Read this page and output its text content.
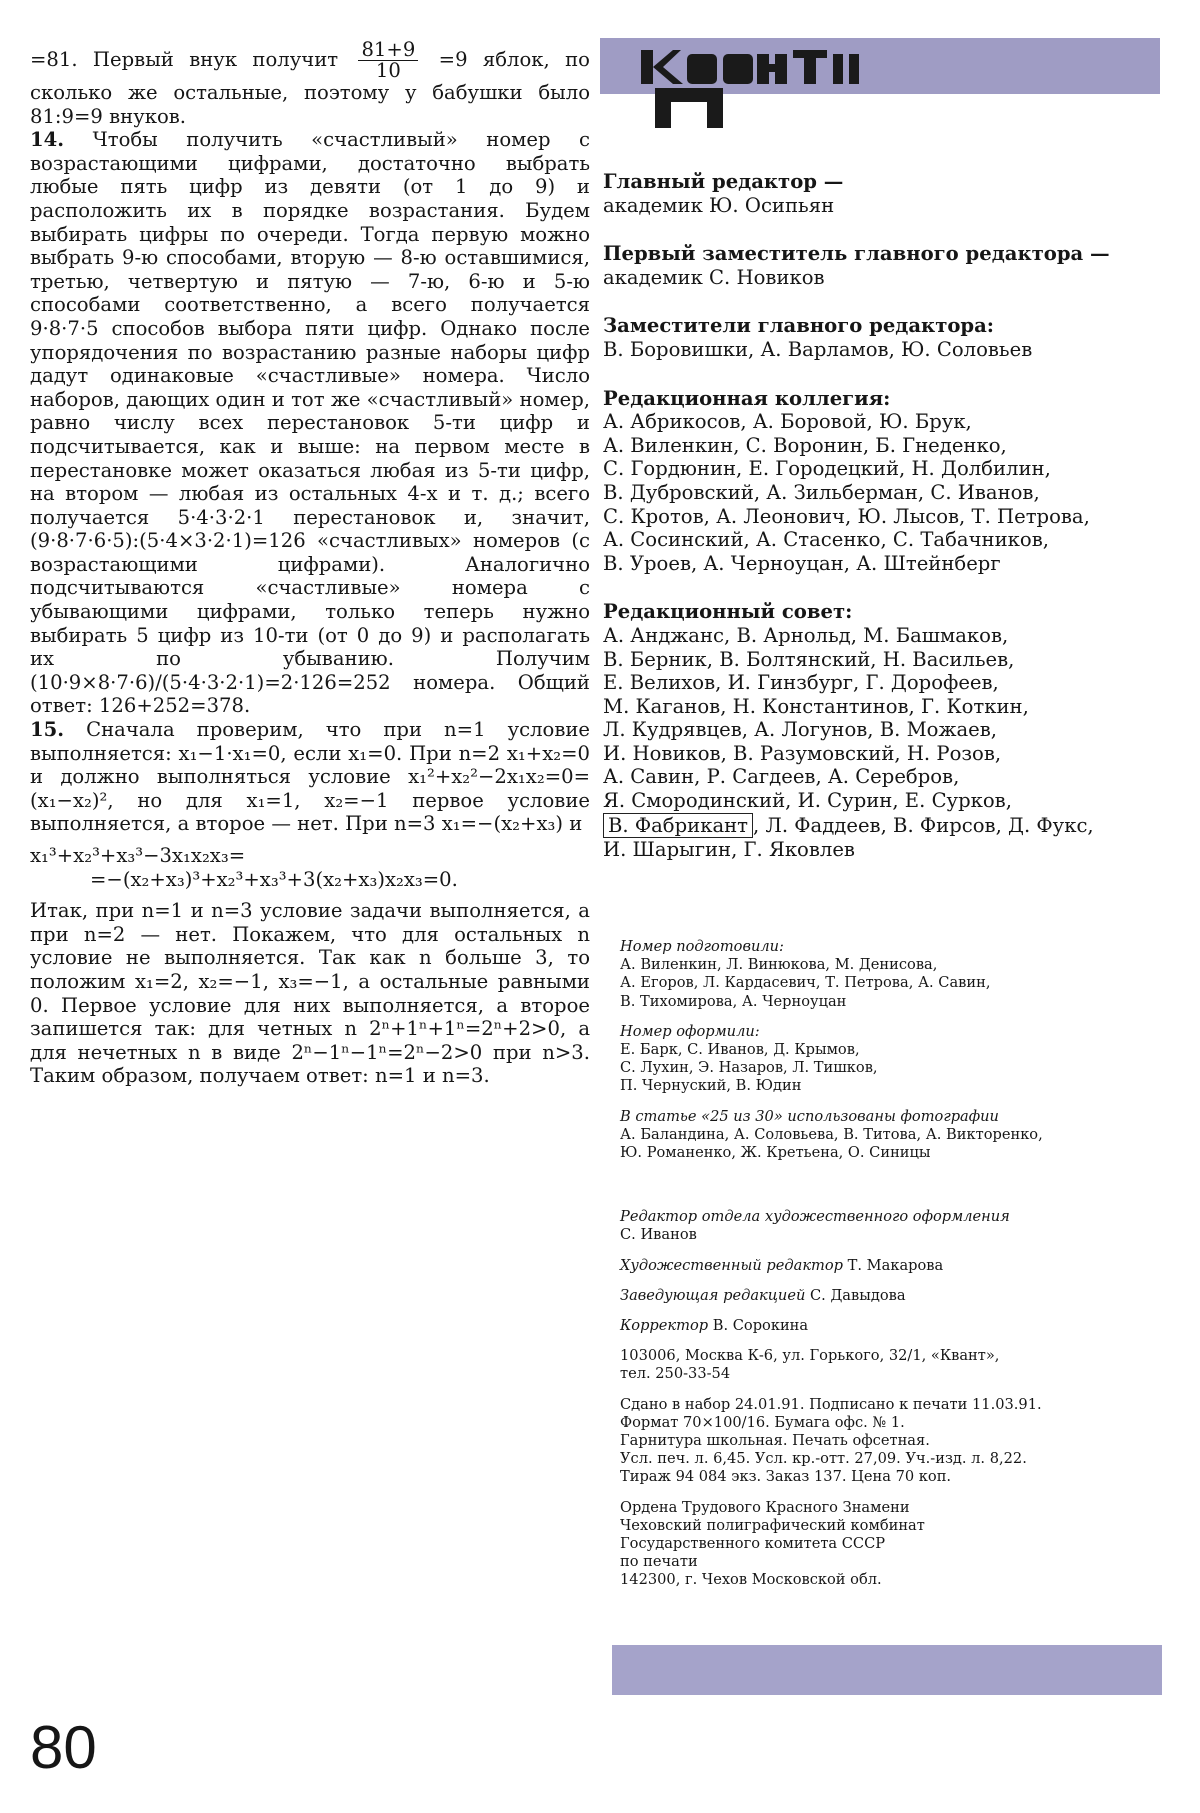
=81. Первый внук получит $\frac{81+9}{10} =9$ яблок, по сколько же остальные, поэтому у бабушки было 81:9=9 внуков.

14. Чтобы получить «счастливый» номер с возрастающими цифрами, достаточно выбрать любые пять цифр из девяти (от 1 до 9) и расположить их в порядке возрастания. Будем выбирать цифры по очереди. Тогда первую можно выбрать 9-ю способами, вторую — 8-ю оставшимися, третью, четвертую и пятую — 7-ю, 6-ю и 5-ю способами соответственно, а всего получается 9·8·7·5 способов выбора пяти цифр. Однако после упорядочения по возрастанию разные наборы цифр дадут одинаковые «счастливые» номера. Число наборов, дающих один и тот же «счастливый» номер, равно числу всех перестановок 5-ти цифр и подсчитывается, как и выше: на первом месте в перестановке может оказаться любая из 5-ти цифр, на втором — любая из остальных 4-х и т. д.; всего получается 5·4·3·2·1 перестановок и, значит, (9·8·7·6·5):(5·4×3·2·1)=126 «счастливых» номеров (с возрастающими цифрами). Аналогично подсчитываются «счастливые» номера с убывающими цифрами, только теперь нужно выбирать 5 цифр из 10-ти (от 0 до 9) и располагать их по убыванию. Получим (10·9×8·7·6)/(5·4·3·2·1)=2·126=252 номера. Общий ответ: 126+252=378.

15. Сначала проверим, что при n=1 условие выполняется: x₁−1·x₁=0, если x₁=0. При n=2 x₁+x₂=0 и должно выполняться условие x₁²+x₂²−2x₁x₂=0=(x₁−x₂)², но для x₁=1, x₂=−1 первое условие выполняется, а второе — нет. При n=3 x₁=−(x₂+x₃) и

x₁³+x₂³+x₃³−3x₁x₂x₃=
=−(x₂+x₃)³+x₂³+x₃³+3(x₂+x₃)x₂x₃=0.

Итак, при n=1 и n=3 условие задачи выполняется, а при n=2 — нет. Покажем, что для остальных n условие не выполняется. Так как n больше 3, то положим x₁=2, x₂=−1, x₃=−1, а остальные равными 0. Первое условие для них выполняется, а второе запишется так: для четных n 2ⁿ+1ⁿ+1ⁿ=2ⁿ+2>0, а для нечетных n в виде 2ⁿ−1ⁿ−1ⁿ=2ⁿ−2>0 при n>3. Таким образом, получаем ответ: n=1 и n=3.

Квант
Главный редактор —
академик Ю. Осипьян
Первый заместитель главного редактора —
академик С. Новиков
Заместители главного редактора:
В. Боровишки, А. Варламов, Ю. Соловьев
Редакционная коллегия:
А. Абрикосов, А. Боровой, Ю. Брук,
А. Виленкин, С. Воронин, Б. Гнеденко,
С. Гордюнин, Е. Городецкий, Н. Долбилин,
В. Дубровский, А. Зильберман, С. Иванов,
С. Кротов, А. Леонович, Ю. Лысов, Т. Петрова,
А. Сосинский, А. Стасенко, С. Табачников,
В. Уроев, А. Черноуцан, А. Штейнберг
Редакционный совет:
А. Анджанс, В. Арнольд, М. Башмаков,
В. Берник, В. Болтянский, Н. Васильев,
Е. Велихов, И. Гинзбург, Г. Дорофеев,
М. Каганов, Н. Константинов, Г. Коткин,
Л. Кудрявцев, А. Логунов, В. Можаев,
И. Новиков, В. Разумовский, Н. Розов,
А. Савин, Р. Сагдеев, А. Серебров,
Я. Смородинский, И. Сурин, Е. Сурков,
В. Фабрикант , Л. Фаддеев, В. Фирсов, Д. Фукс,
И. Шарыгин, Г. Яковлев
Номер подготовили:
А. Виленкин, Л. Винюкова, М. Денисова,
А. Егоров, Л. Кардасевич, Т. Петрова, А. Савин,
В. Тихомирова, А. Черноуцан
Номер оформили:
Е. Барк, С. Иванов, Д. Крымов,
С. Лухин, Э. Назаров, Л. Тишков,
П. Чернуский, В. Юдин
В статье «25 из 30» использованы фотографии
А. Баландина, А. Соловьева, В. Титова, А. Викторенко,
Ю. Романенко, Ж. Кретьена, О. Синицы
Редактор отдела художественного оформления
С. Иванов
Художественный редактор Т. Макарова
Заведующая редакцией С. Давыдова
Корректор В. Сорокина
103006, Москва К-6, ул. Горького, 32/1, «Квант»,
тел. 250-33-54
Сдано в набор 24.01.91. Подписано к печати 11.03.91.
Формат 70×100/16. Бумага офс. № 1.
Гарнитура школьная. Печать офсетная.
Усл. печ. л. 6,45. Усл. кр.-отт. 27,09. Уч.-изд. л. 8,22.
Тираж 94 084 экз. Заказ 137. Цена 70 коп.
Ордена Трудового Красного Знамени
Чеховский полиграфический комбинат
Государственного комитета СССР
по печати
142300, г. Чехов Московской обл.
80
